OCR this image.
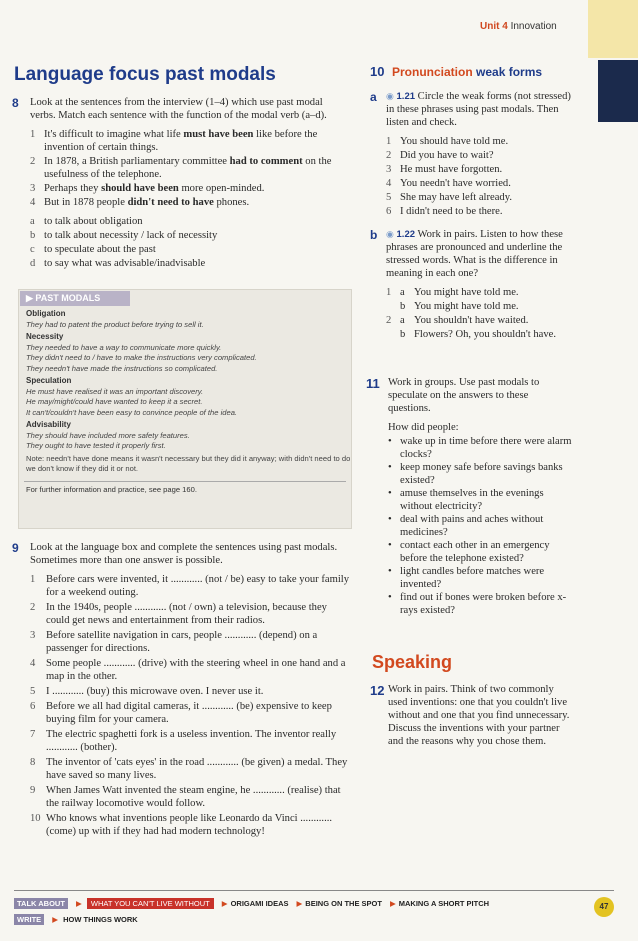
Unit 4 Innovation
Language focus past modals
8 Look at the sentences from the interview (1–4) which use past modal verbs. Match each sentence with the function of the modal verb (a–d).
1 It's difficult to imagine what life must have been like before the invention of certain things.
2 In 1878, a British parliamentary committee had to comment on the usefulness of the telephone.
3 Perhaps they should have been more open-minded.
4 But in 1878 people didn't need to have phones.
a to talk about obligation
b to talk about necessity / lack of necessity
c to speculate about the past
d to say what was advisable/inadvisable
▶ PAST MODALS
Obligation
They had to patent the product before trying to sell it.
Necessity
They needed to have a way to communicate more quickly.
They didn't need to / have to make the instructions very complicated.
They needn't have made the instructions so complicated.
Speculation
He must have realised it was an important discovery.
He may/might/could have wanted to keep it a secret.
It can't/couldn't have been easy to convince people of the idea.
Advisability
They should have included more safety features.
They ought to have tested it properly first.
Note: needn't have done means it wasn't necessary but they did it anyway; with didn't need to do we don't know if they did it or not.
For further information and practice, see page 160.
9 Look at the language box and complete the sentences using past modals. Sometimes more than one answer is possible.
1	Before cars were invented, it ............ (not / be) easy to take your family for a weekend outing.
2	In the 1940s, people ............ (not / own) a television, because they could get news and entertainment from their radios.
3	Before satellite navigation in cars, people ............ (depend) on a passenger for directions.
4	Some people ............ (drive) with the steering wheel in one hand and a map in the other.
5	I ............ (buy) this microwave oven. I never use it.
6	Before we all had digital cameras, it ............ (be) expensive to keep buying film for your camera.
7	The electric spaghetti fork is a useless invention. The inventor really ............ (bother).
8	The inventor of 'cats eyes' in the road ............ (be given) a medal. They have saved so many lives.
9	When James Watt invented the steam engine, he ............ (realise) that the railway locomotive would follow.
10 Who knows what inventions people like Leonardo da Vinci ............ (come) up with if they had had modern technology!
10 Pronunciation weak forms
a ◉ 1.21 Circle the weak forms (not stressed) in these phrases using past modals. Then listen and check.
1 You should have told me.
2 Did you have to wait?
3 He must have forgotten.
4 You needn't have worried.
5 She may have left already.
6 I didn't need to be there.
b ◉ 1.22 Work in pairs. Listen to how these phrases are pronounced and underline the stressed words. What is the difference in meaning in each one?
1 a You might have told me.
b You might have told me.
2 a You shouldn't have waited.
b Flowers? Oh, you shouldn't have.
11 Work in groups. Use past modals to speculate on the answers to these questions.
How did people:
• wake up in time before there were alarm clocks?
• keep money safe before savings banks existed?
• amuse themselves in the evenings without electricity?
• deal with pains and aches without medicines?
• contact each other in an emergency before the telephone existed?
• light candles before matches were invented?
• find out if bones were broken before x-rays existed?
Speaking
12 Work in pairs. Think of two commonly used inventions: one that you couldn't live without and one that you find unnecessary. Discuss the inventions with your partner and the reasons why you chose them.
TALK ABOUT ▶ WHAT YOU CAN'T LIVE WITHOUT ▶ ORIGAMI IDEAS ▶ BEING ON THE SPOT ▶ MAKING A SHORT PITCH
WRITE ▶ HOW THINGS WORK
47
